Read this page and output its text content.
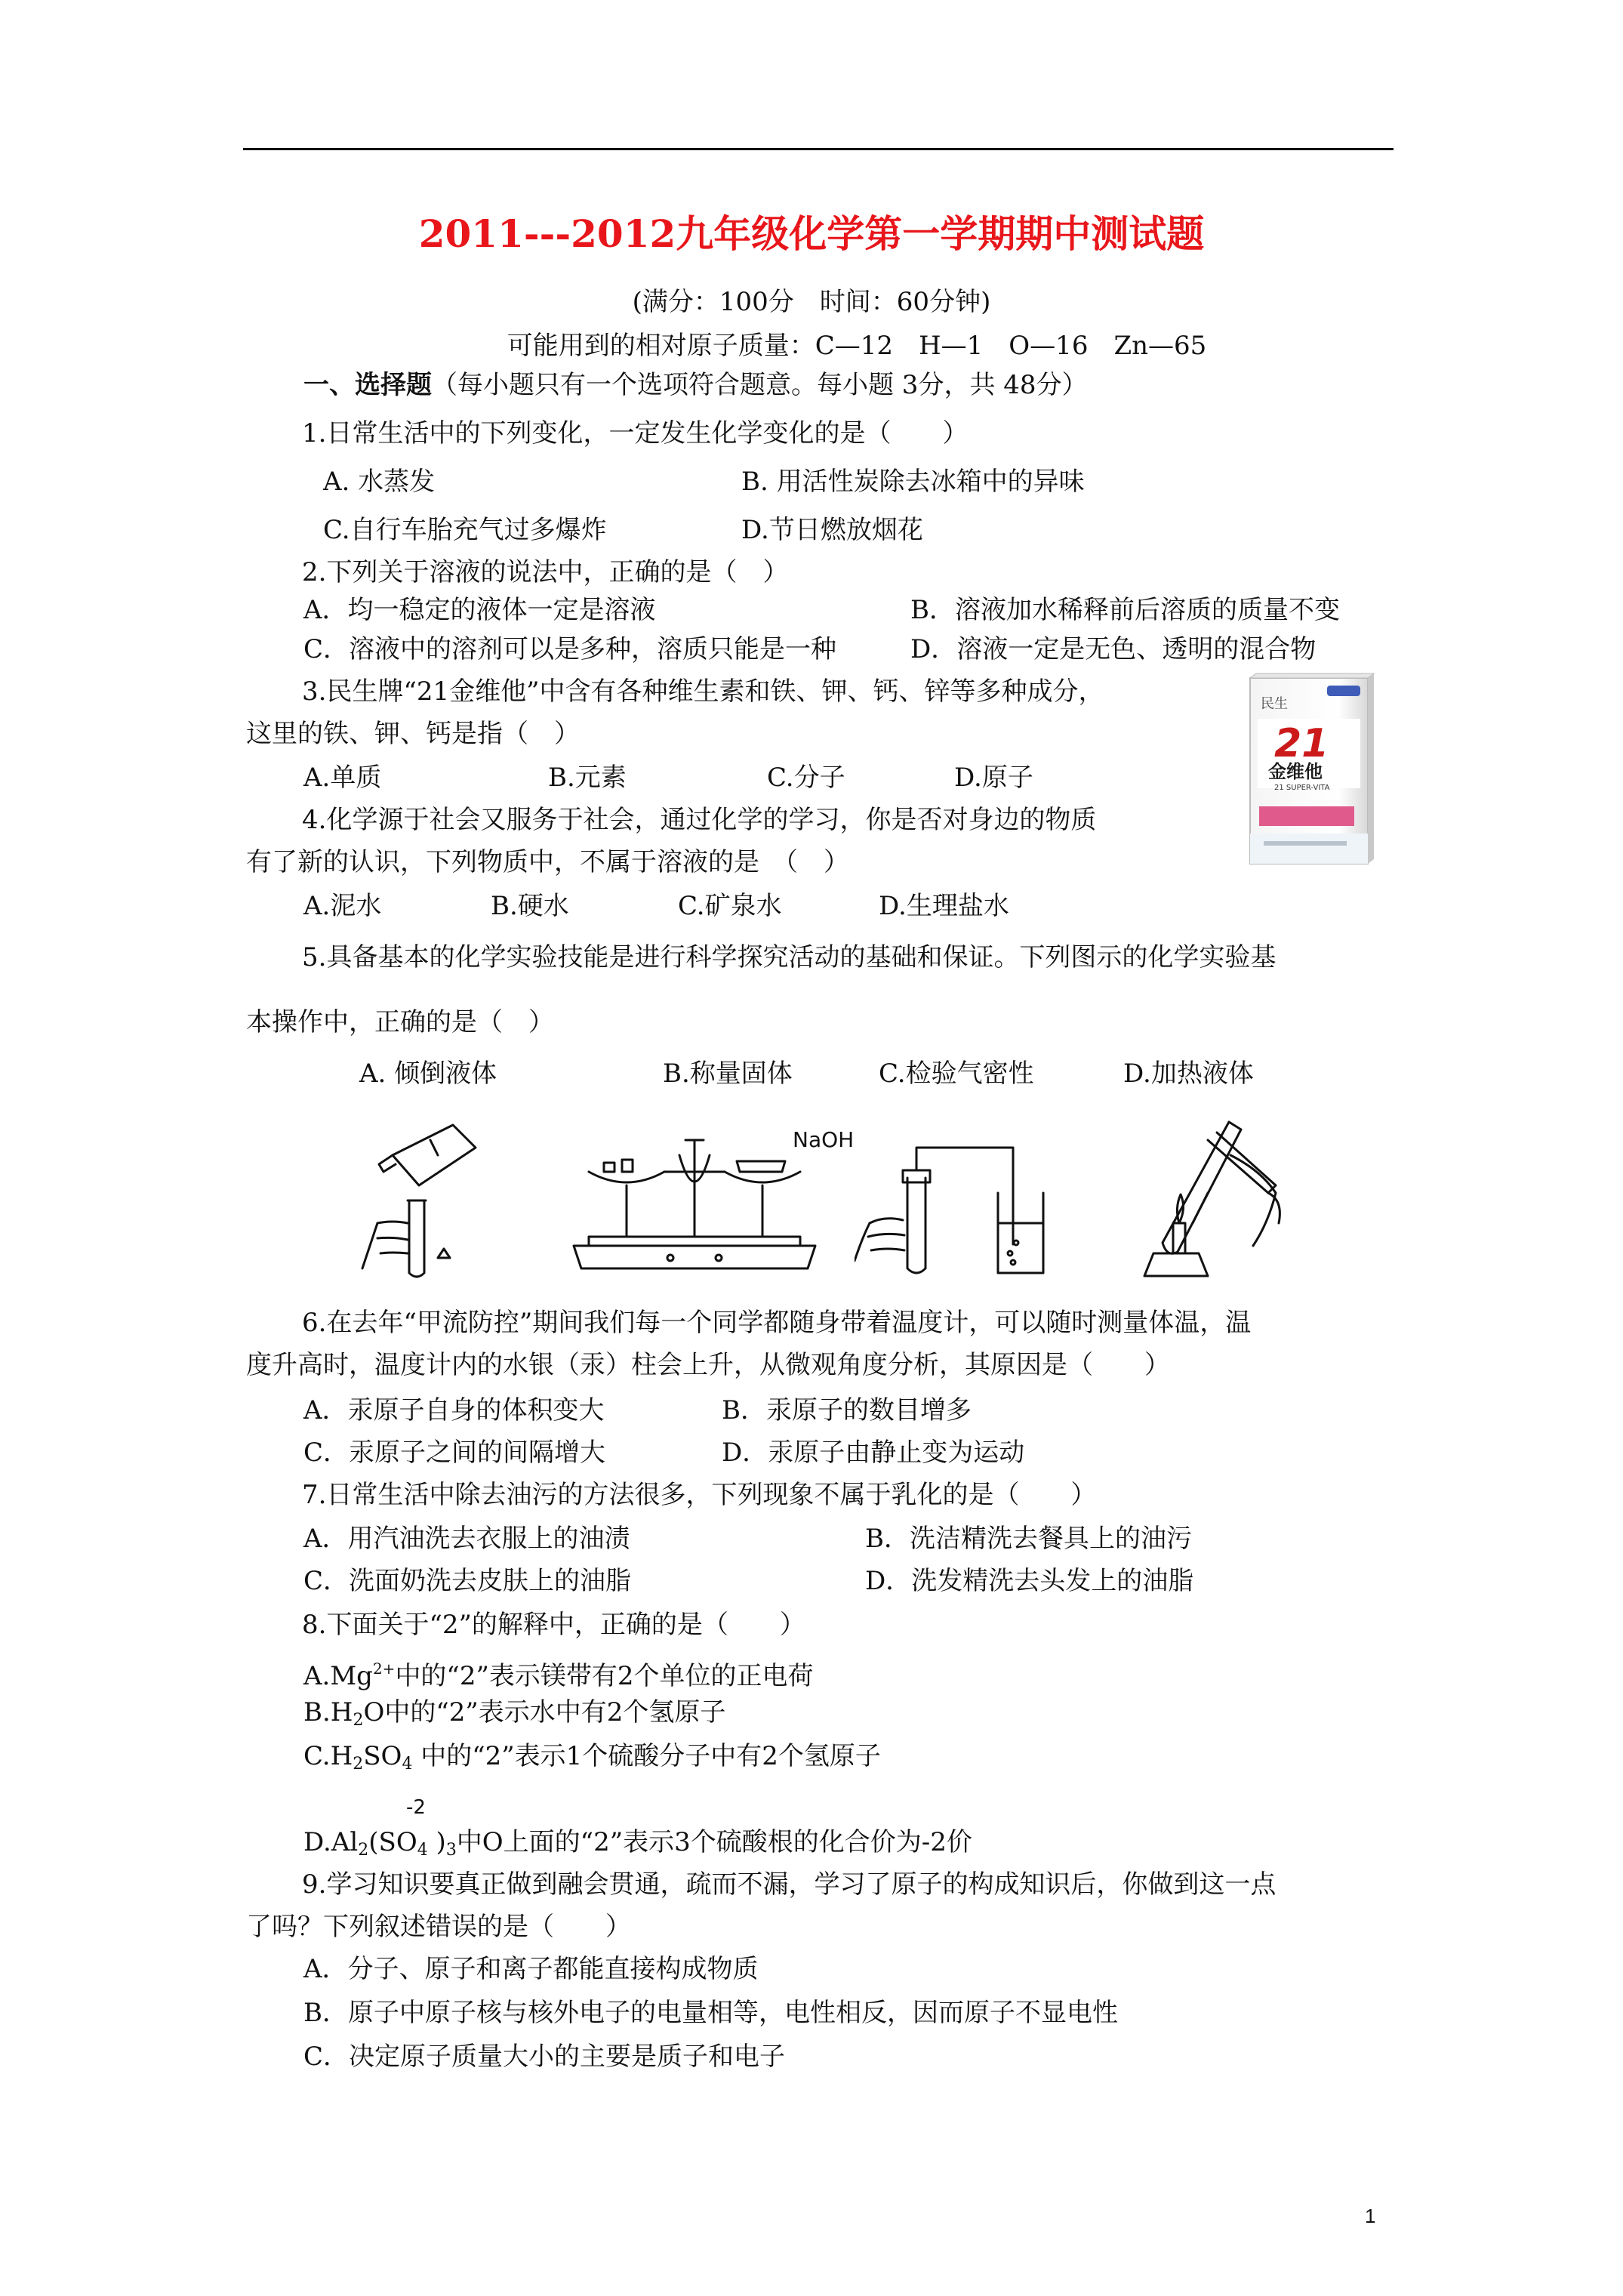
2011---2012九年级化学第一学期期中测试题
(满分：100分　时间：60分钟)
可能用到的相对原子质量：C—12　H—1　O—16　Zn—65
一、选择题（每小题只有一个选项符合题意。每小题 3分，共 48分）
1.日常生活中的下列变化，一定发生化学变化的是（　　）
A. 水蒸发	B. 用活性炭除去冰箱中的异味
C.自行车胎充气过多爆炸	D.节日燃放烟花
2.下列关于溶液的说法中，正确的是（　）
A．均一稳定的液体一定是溶液	B．溶液加水稀释前后溶质的质量不变
C．溶液中的溶剂可以是多种，溶质只能是一种	D．溶液一定是无色、透明的混合物
3.民生牌“21金维他”中含有各种维生素和铁、钾、钙、锌等多种成分，
这里的铁、钾、钙是指（　）
A.单质	B.元素	C.分子	D.原子
民生
21
金维他
21 SUPER-VITA
4.化学源于社会又服务于社会，通过化学的学习，你是否对身边的物质
有了新的认识，下列物质中，不属于溶液的是　（　）
A.泥水	B.硬水	C.矿泉水	D.生理盐水
5.具备基本的化学实验技能是进行科学探究活动的基础和保证。下列图示的化学实验基
本操作中，正确的是（　）
A. 倾倒液体	B.称量固体	C.检验气密性	D.加热液体
NaOH
6.在去年“甲流防控”期间我们每一个同学都随身带着温度计，可以随时测量体温，温
度升高时，温度计内的水银（汞）柱会上升，从微观角度分析，其原因是（　　）
A．汞原子自身的体积变大	B．汞原子的数目增多
C．汞原子之间的间隔增大	D．汞原子由静止变为运动
7.日常生活中除去油污的方法很多，下列现象不属于乳化的是（　　）
A．用汽油洗去衣服上的油渍	B．洗洁精洗去餐具上的油污
C．洗面奶洗去皮肤上的油脂	D．洗发精洗去头发上的油脂
8.下面关于“2”的解释中，正确的是（　　）
$A.Mg^{2+}$中的“2”表示镁带有2个单位的正电荷
$B.H_2O$中的“2”表示水中有2个氢原子
$C.H_2SO_4$ 中的“2”表示1个硫酸分子中有2个氢原子
-2
$D.Al_2(SO_4$ )$_3$中O上面的“2”表示3个硫酸根的化合价为-2价
9.学习知识要真正做到融会贯通，疏而不漏，学习了原子的构成知识后，你做到这一点
了吗？下列叙述错误的是（　　）
A．分子、原子和离子都能直接构成物质
B．原子中原子核与核外电子的电量相等，电性相反，因而原子不显电性
C．决定原子质量大小的主要是质子和电子
1
